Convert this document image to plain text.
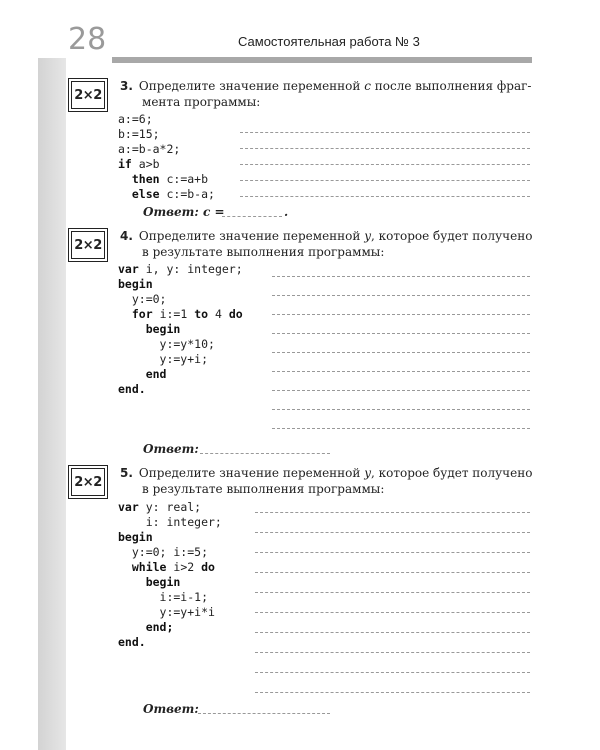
28	Самостоятельная работа № 3
2×2
3. Определите значение переменной c после выполнения фраг-
мента программы:
a:=6;
b:=15;
a:=b-a*2;
if a>b
then c:=a+b
else c:=b-a;
Ответ: с =	.
2×2
4. Определите значение переменной y, которое будет получено
в результате выполнения программы:
var i, y: integer;
begin
y:=0;
for i:=1 to 4 do
begin
y:=y*10;
y:=y+i;
end
end.
Ответ:
2×2
5. Определите значение переменной y, которое будет получено
в результате выполнения программы:
var y: real;
i: integer;
begin
y:=0; i:=5;
while i>2 do
begin
i:=i-1;
y:=y+i*i
end;
end.
Ответ:
